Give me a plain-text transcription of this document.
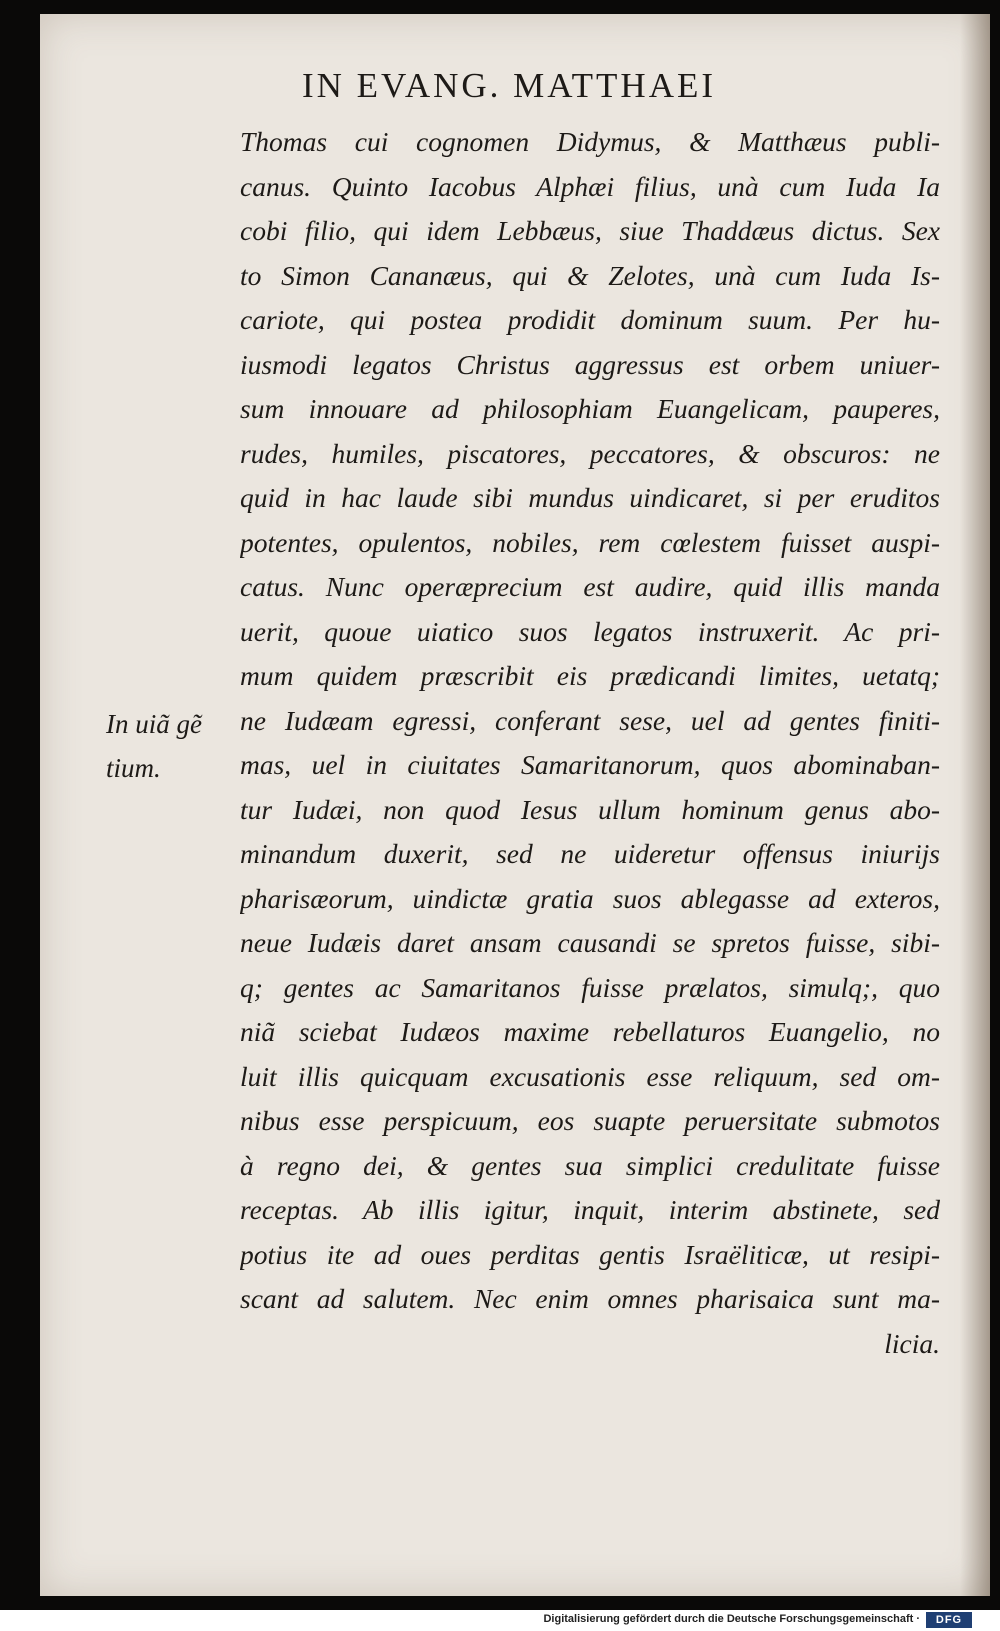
IN EVANG. MATTHAEI
Thomas cui cognomen Didymus, & Matthæus publi-
canus. Quinto Iacobus Alphæi filius, unà cum Iuda Ia
cobi filio, qui idem Lebbæus, siue Thaddæus dictus. Sex
to Simon Cananæus, qui & Zelotes, unà cum Iuda Is-
cariote, qui postea prodidit dominum suum. Per hu-
iusmodi legatos Christus aggressus est orbem uniuer-
sum innouare ad philosophiam Euangelicam, pauperes,
rudes, humiles, piscatores, peccatores, & obscuros: ne
quid in hac laude sibi mundus uindicaret, si per eruditos
potentes, opulentos, nobiles, rem cœlestem fuisset auspi-
catus. Nunc operæprecium est audire, quid illis manda
uerit, quoue uiatico suos legatos instruxerit. Ac pri-
mum quidem præscribit eis prædicandi limites, uetatq;
ne Iudæam egressi, conferant sese, uel ad gentes finiti-
mas, uel in ciuitates Samaritanorum, quos abominaban-
tur Iudæi, non quod Iesus ullum hominum genus abo-
minandum duxerit, sed ne uideretur offensus iniurijs
pharisæorum, uindictæ gratia suos ablegasse ad exteros,
neue Iudæis daret ansam causandi se spretos fuisse, sibi-
q; gentes ac Samaritanos fuisse prælatos, simulq;, quo
niã sciebat Iudæos maxime rebellaturos Euangelio, no
luit illis quicquam excusationis esse reliquum, sed om-
nibus esse perspicuum, eos suapte peruersitate submotos
à regno dei, & gentes sua simplici credulitate fuisse
receptas. Ab illis igitur, inquit, interim abstinete, sed
potius ite ad oues perditas gentis Israëliticæ, ut resipi-
scant ad salutem. Nec enim omnes pharisaica sunt ma-
licia.
In uiã gẽ
tium.
Digitalisierung gefördert durch die Deutsche Forschungsgemeinschaft ·	DFG
